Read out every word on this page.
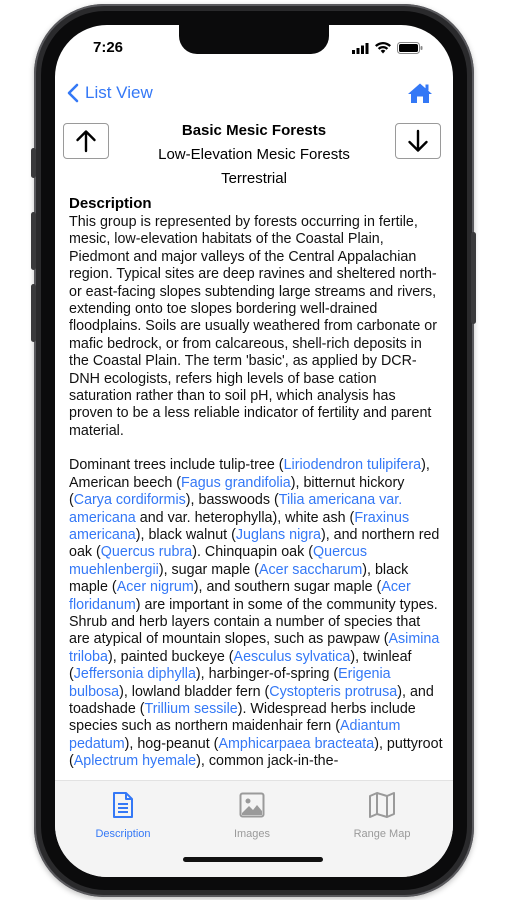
7:26
List View
Basic Mesic Forests
Low-Elevation Mesic Forests
Terrestrial
Description

This group is represented by forests occurring in fertile, mesic, low-elevation habitats of the Coastal Plain, Piedmont and major valleys of the Central Appalachian region. Typical sites are deep ravines and sheltered north- or east-facing slopes subtending large streams and rivers, extending onto toe slopes bordering well-drained floodplains. Soils are usually weathered from carbonate or mafic bedrock, or from calcareous, shell-rich deposits in the Coastal Plain. The term 'basic', as applied by DCR-DNH ecologists, refers high levels of base cation saturation rather than to soil pH, which analysis has proven to be a less reliable indicator of fertility and parent material.

Dominant trees include tulip-tree (Liriodendron tulipifera), American beech (Fagus grandifolia), bitternut hickory (Carya cordiformis), basswoods (Tilia americana var. americana and var. heterophylla), white ash (Fraxinus americana), black walnut (Juglans nigra), and northern red oak (Quercus rubra). Chinquapin oak (Quercus muehlenbergii), sugar maple (Acer saccharum), black maple (Acer nigrum), and southern sugar maple (Acer floridanum) are important in some of the community types. Shrub and herb layers contain a number of species that are atypical of mountain slopes, such as pawpaw (Asimina triloba), painted buckeye (Aesculus sylvatica), twinleaf (Jeffersonia diphylla), harbinger-of-spring (Erigenia bulbosa), lowland bladder fern (Cystopteris protrusa), and toadshade (Trillium sessile). Widespread herbs include species such as northern maidenhair fern (Adiantum pedatum), hog-peanut (Amphicarpaea bracteata), puttyroot (Aplectrum hyemale), common jack-in-the-

Description	Images	Range Map
